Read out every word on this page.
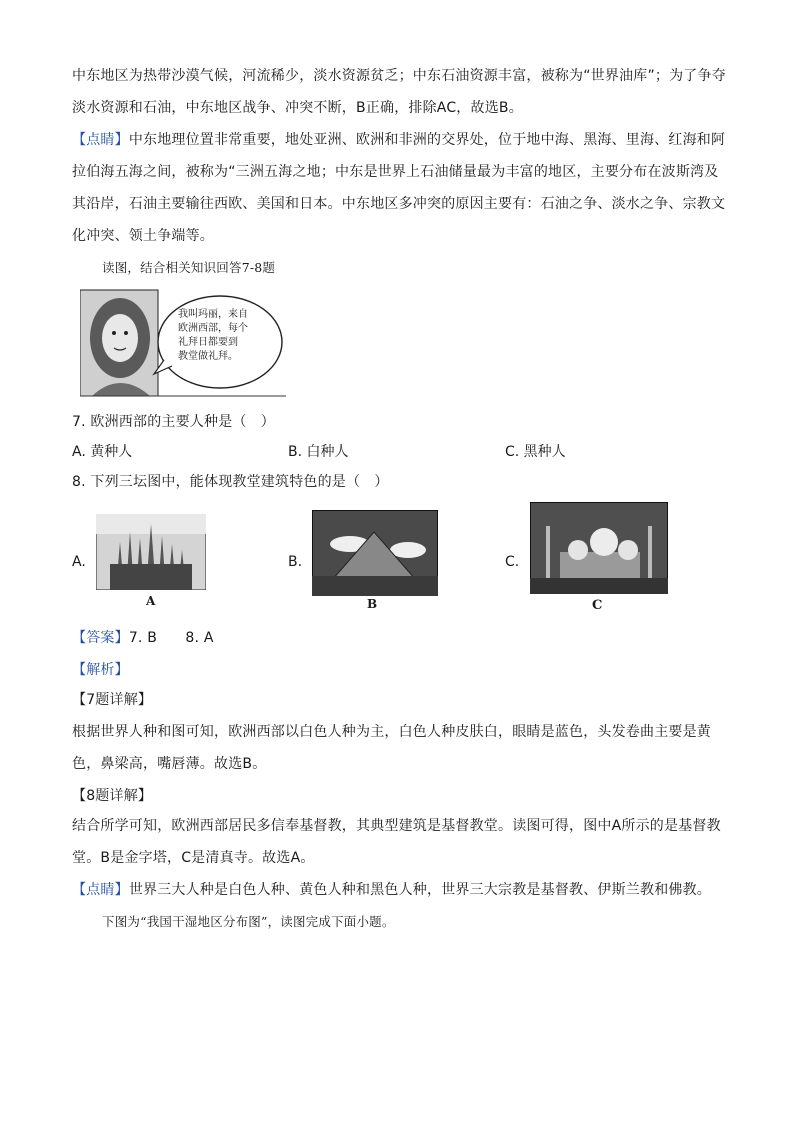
中东地区为热带沙漠气候，河流稀少，淡水资源贫乏；中东石油资源丰富，被称为“世界油库”；为了争夺
淡水资源和石油，中东地区战争、冲突不断，B正确，排除AC，故选B。
【点睛】中东地理位置非常重要，地处亚洲、欧洲和非洲的交界处，位于地中海、黑海、里海、红海和阿
拉伯海五海之间，被称为“三洲五海之地；中东是世界上石油储量最为丰富的地区，主要分布在波斯湾及
其沿岸，石油主要输往西欧、美国和日本。中东地区多冲突的原因主要有：石油之争、淡水之争、宗教文
化冲突、领土争端等。
读图，结合相关知识回答7-8题
我叫玛丽，来自
欧洲西部，每个
礼拜日都要到
教堂做礼拜。
7. 欧洲西部的主要人种是（　）
A. 黄种人	B. 白种人	C. 黑种人
8. 下列三坛图中，能体现教堂建筑特色的是（　）
A.
A
B.
B
C.
C
【答案】7. B　　8. A
【解析】
【7题详解】
根据世界人种和图可知，欧洲西部以白色人种为主，白色人种皮肤白，眼睛是蓝色，头发卷曲主要是黄
色，鼻梁高，嘴唇薄。故选B。
【8题详解】
结合所学可知，欧洲西部居民多信奉基督教，其典型建筑是基督教堂。读图可得，图中A所示的是基督教
堂。B是金字塔，C是清真寺。故选A。
【点睛】世界三大人种是白色人种、黄色人种和黑色人种，世界三大宗教是基督教、伊斯兰教和佛教。
下图为“我国干湿地区分布图”，读图完成下面小题。
